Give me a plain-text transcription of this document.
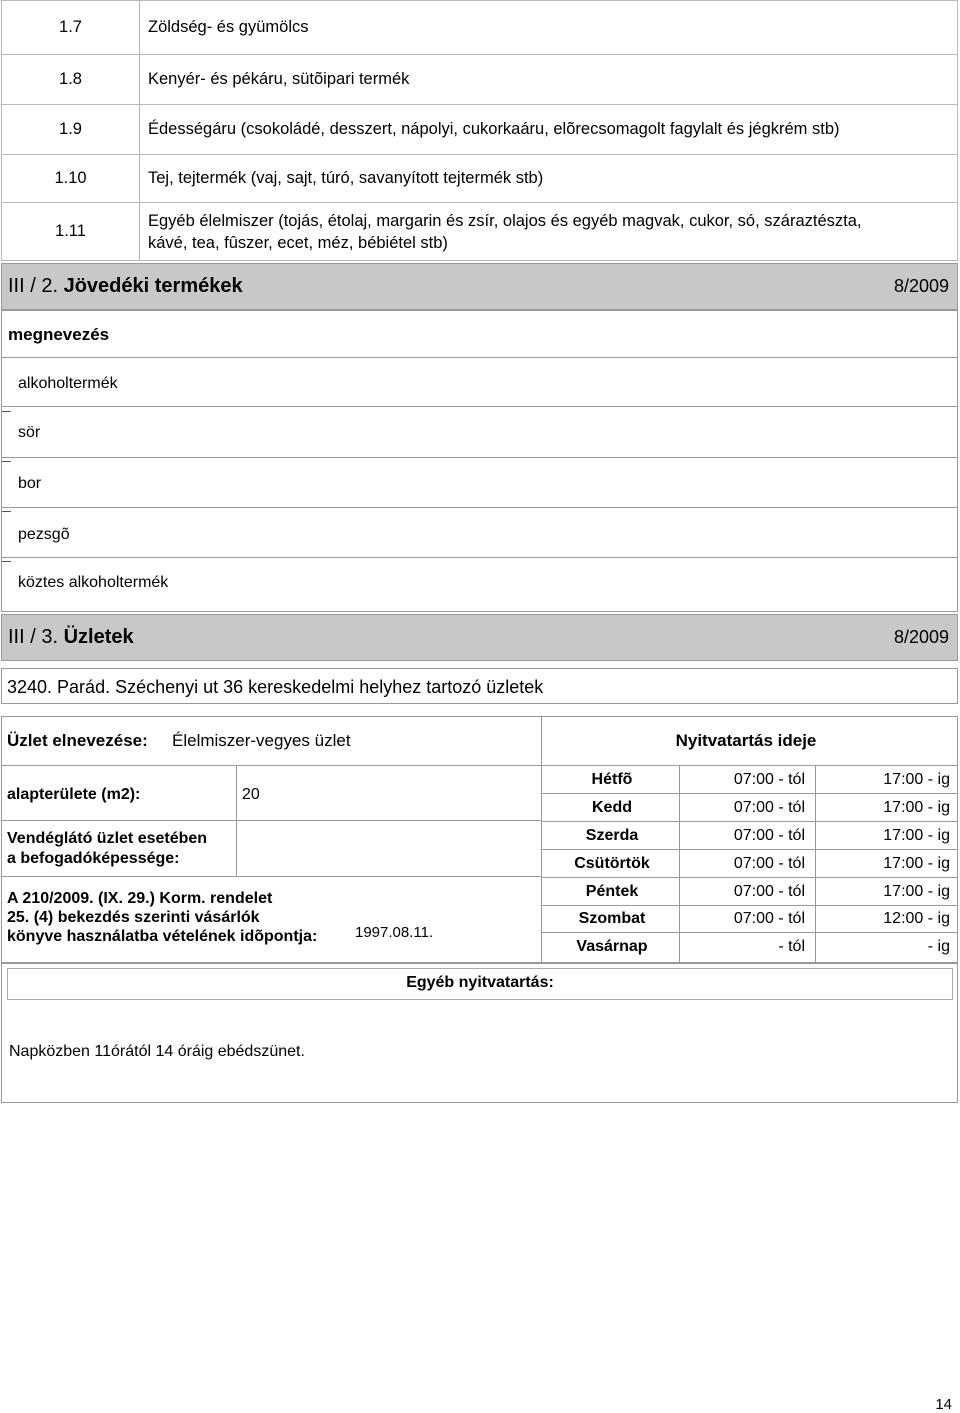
1.7	Zöldség- és gyümölcs
1.8	Kenyér- és pékáru, sütõipari termék
1.9	Édességáru (csokoládé, desszert, nápolyi, cukorkaáru, elõrecsomagolt fagylalt és jégkrém stb)
1.10	Tej, tejtermék (vaj, sajt, túró, savanyított tejtermék stb)
1.11	Egyéb élelmiszer (tojás, étolaj, margarin és zsír, olajos és egyéb magvak, cukor, só, száraztészta,
kávé, tea, fûszer, ecet, méz, bébiétel stb)
III / 2. Jövedéki termékek	8/2009
megnevezés
alkoholtermék
sör
bor
pezsgõ
köztes alkoholtermék
III / 3. Üzletek	8/2009
3240. Parád. Széchenyi ut 36 kereskedelmi helyhez tartozó üzletek
Üzlet elnevezése: Élelmiszer-vegyes üzlet	Nyitvatartás ideje
alapterülete (m2):	20
Vendéglátó üzlet esetében
a befogadóképessége:
A 210/2009. (IX. 29.) Korm. rendelet
25. (4) bekezdés szerinti vásárlók
könyve használatba vételének idõpontja:	1997.08.11.
Hétfõ	07:00 - tól	17:00 - ig
Kedd	07:00 - tól	17:00 - ig
Szerda	07:00 - tól	17:00 - ig
Csütörtök	07:00 - tól	17:00 - ig
Péntek	07:00 - tól	17:00 - ig
Szombat	07:00 - tól	12:00 - ig
Vasárnap	- tól	- ig
Egyéb nyitvatartás:
Napközben 11órától 14 óráig ebédszünet.
14
